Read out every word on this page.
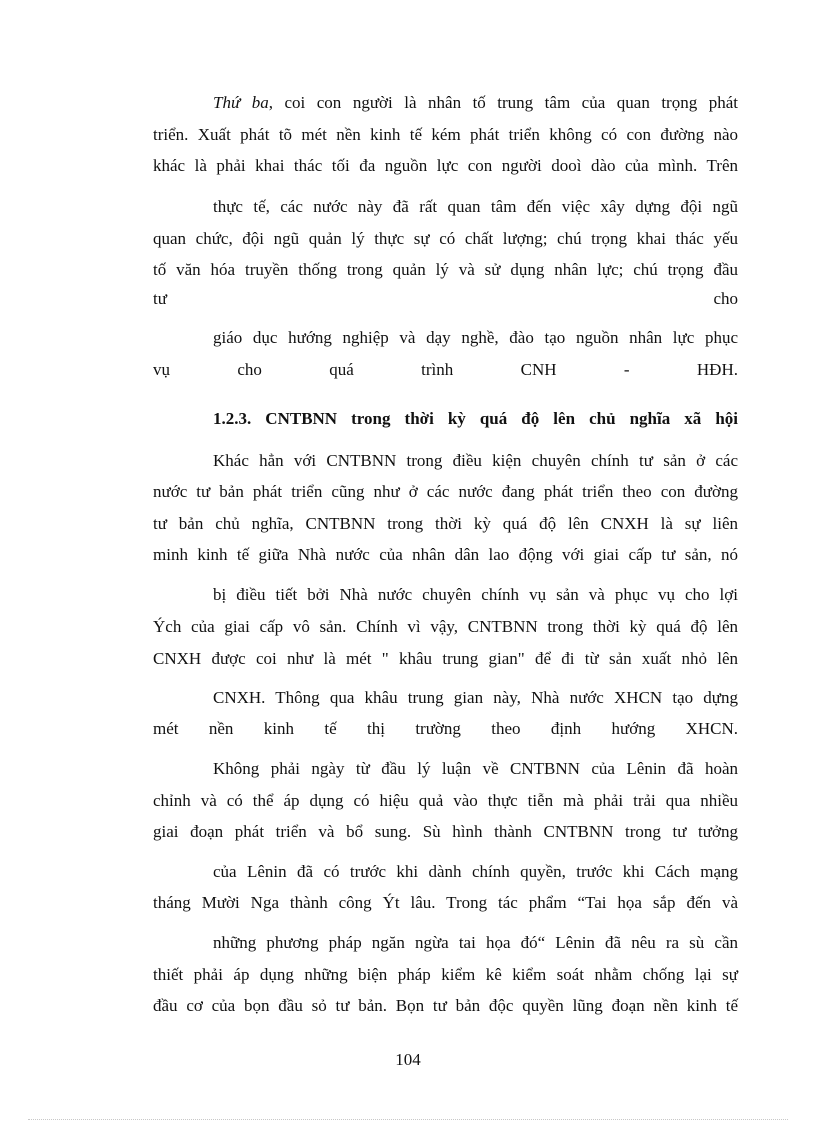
Thứ ba, coi con người là nhân tố trung tâm của quan trọng phát
triển. Xuất phát tõ mét nền kinh tế kém phát triển không có con đường nào
khác là phải khai thác tối đa nguồn lực con người dooì dào của mình. Trên
thực tế, các nước này đã rất quan tâm đến việc xây dựng đội ngũ
quan chức, đội ngũ quản lý thực sự có chất lượng; chú trọng khai thác yếu
tố văn hóa truyền thống trong quản lý và sử dụng nhân lực; chú trọng đầu
tư cho
giáo dục hướng nghiệp và dạy nghề, đào tạo nguồn nhân lực phục
vụ cho quá trình CNH - HĐH.
1.2.3. CNTBNN trong thời kỳ quá độ lên chủ nghĩa xã hội
Khác hẳn với CNTBNN trong điều kiện chuyên chính tư sản ở các
nước tư bản phát triển cũng như ở các nước đang phát triển theo con đường
tư bản chủ nghĩa, CNTBNN trong thời kỳ quá độ lên CNXH là sự liên
minh kinh tế giữa Nhà nước của nhân dân lao động với giai cấp tư sản, nó
bị điều tiết bởi Nhà nước chuyên chính vụ sản và phục vụ cho lợi
Ých của giai cấp vô sản. Chính vì vậy, CNTBNN trong thời kỳ quá độ lên
CNXH được coi như là mét " khâu trung gian" để đi từ sản xuất nhỏ lên
CNXH. Thông qua khâu trung gian này, Nhà nước XHCN tạo dựng
mét nền kinh tế thị trường theo định hướng XHCN.
Không phải ngày từ đầu lý luận về CNTBNN của Lênin đã hoàn
chỉnh và có thể áp dụng có hiệu quả vào thực tiễn mà phải trải qua nhiều
giai đoạn phát triển và bổ sung. Sù hình thành CNTBNN trong tư tưởng
của Lênin đã có trước khi dành chính quyền, trước khi Cách mạng
tháng Mười Nga thành công Ýt lâu. Trong tác phẩm “Tai họa sắp đến và
những phương pháp ngăn ngừa tai họa đó“ Lênin đã nêu ra sù cần
thiết phải áp dụng những biện pháp kiểm kê kiểm soát nhằm chống lại sự
đầu cơ của bọn đầu sỏ tư bản. Bọn tư bản độc quyền lũng đoạn nền kinh tế
104
